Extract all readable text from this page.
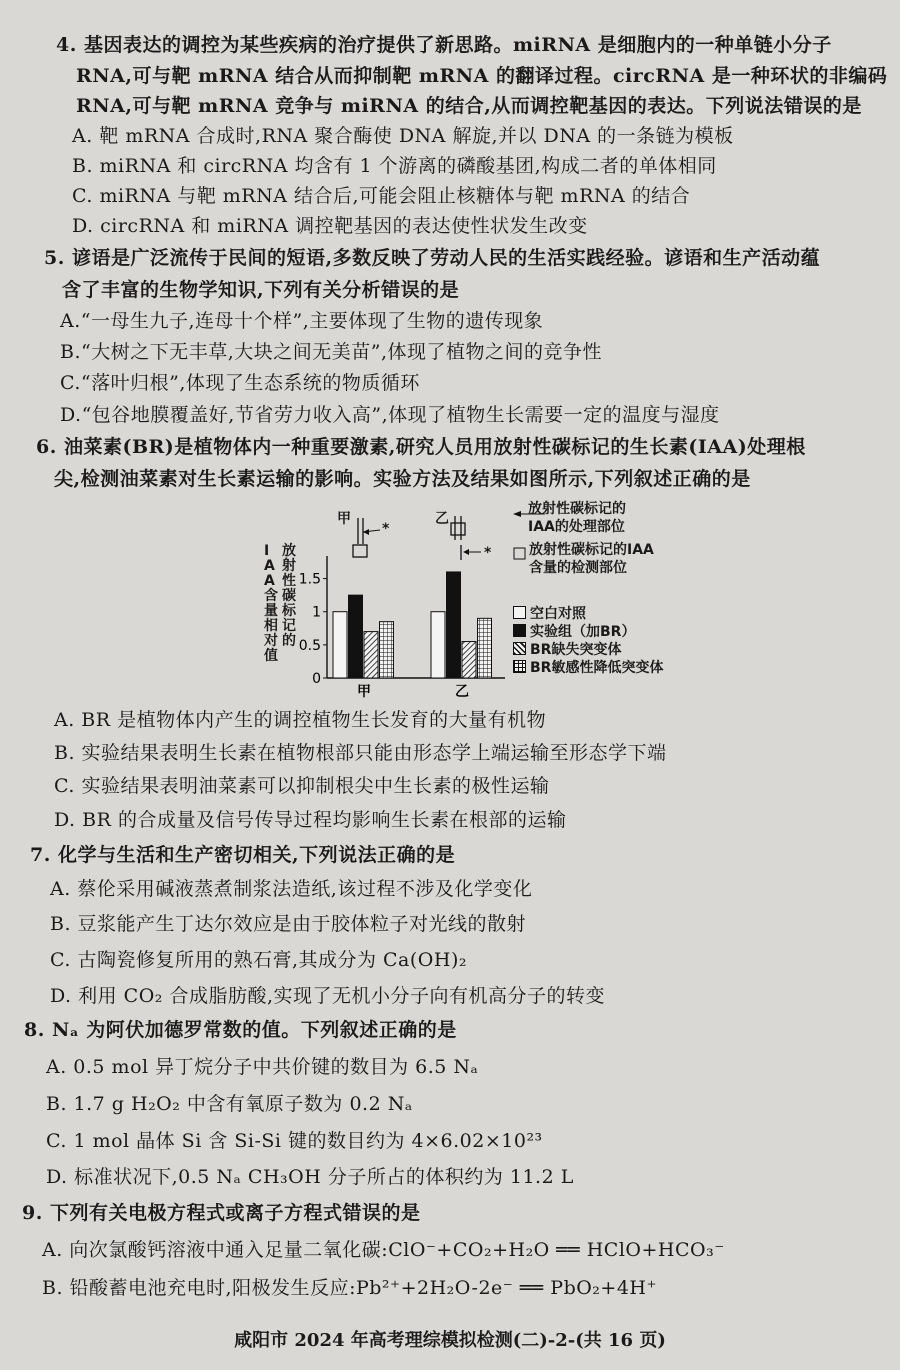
4. 基因表达的调控为某些疾病的治疗提供了新思路。miRNA 是细胞内的一种单链小分子
RNA,可与靶 mRNA 结合从而抑制靶 mRNA 的翻译过程。circRNA 是一种环状的非编码
RNA,可与靶 mRNA 竞争与 miRNA 的结合,从而调控靶基因的表达。下列说法错误的是
A. 靶 mRNA 合成时,RNA 聚合酶使 DNA 解旋,并以 DNA 的一条链为模板
B. miRNA 和 circRNA 均含有 1 个游离的磷酸基团,构成二者的单体相同
C. miRNA 与靶 mRNA 结合后,可能会阻止核糖体与靶 mRNA 的结合
D. circRNA 和 miRNA 调控靶基因的表达使性状发生改变
5. 谚语是广泛流传于民间的短语,多数反映了劳动人民的生活实践经验。谚语和生产活动蕴
含了丰富的生物学知识,下列有关分析错误的是
A.“一母生九子,连母十个样”,主要体现了生物的遗传现象
B.“大树之下无丰草,大块之间无美苗”,体现了植物之间的竞争性
C.“落叶归根”,体现了生态系统的物质循环
D.“包谷地膜覆盖好,节省劳力收入高”,体现了植物生长需要一定的温度与湿度
6. 油菜素(BR)是植物体内一种重要激素,研究人员用放射性碳标记的生长素(IAA)处理根
尖,检测油菜素对生长素运输的影响。实验方法及结果如图所示,下列叙述正确的是
0
0.5
1
1.5
甲	乙
甲	乙
*
*
放射性碳标记的
IAA的处理部位
放射性碳标记的IAA
含量的检测部位
放射性碳标记的
IAA含量相对值
空白对照
实验组（加BR）
BR缺失突变体
BR敏感性降低突变体
A. BR 是植物体内产生的调控植物生长发育的大量有机物
B. 实验结果表明生长素在植物根部只能由形态学上端运输至形态学下端
C. 实验结果表明油菜素可以抑制根尖中生长素的极性运输
D. BR 的合成量及信号传导过程均影响生长素在根部的运输
7. 化学与生活和生产密切相关,下列说法正确的是
A. 蔡伦采用碱液蒸煮制浆法造纸,该过程不涉及化学变化
B. 豆浆能产生丁达尔效应是由于胶体粒子对光线的散射
C. 古陶瓷修复所用的熟石膏,其成分为 Ca(OH)₂
D. 利用 CO₂ 合成脂肪酸,实现了无机小分子向有机高分子的转变
8. Nₐ 为阿伏加德罗常数的值。下列叙述正确的是
A. 0.5 mol 异丁烷分子中共价键的数目为 6.5 Nₐ
B. 1.7 g H₂O₂ 中含有氧原子数为 0.2 Nₐ
C. 1 mol 晶体 Si 含 Si-Si 键的数目约为 4×6.02×10²³
D. 标准状况下,0.5 Nₐ CH₃OH 分子所占的体积约为 11.2 L
9. 下列有关电极方程式或离子方程式错误的是
A. 向次氯酸钙溶液中通入足量二氧化碳:ClO⁻+CO₂+H₂O ══ HClO+HCO₃⁻
B. 铅酸蓄电池充电时,阳极发生反应:Pb²⁺+2H₂O-2e⁻ ══ PbO₂+4H⁺
咸阳市 2024 年高考理综模拟检测(二)-2-(共 16 页)
